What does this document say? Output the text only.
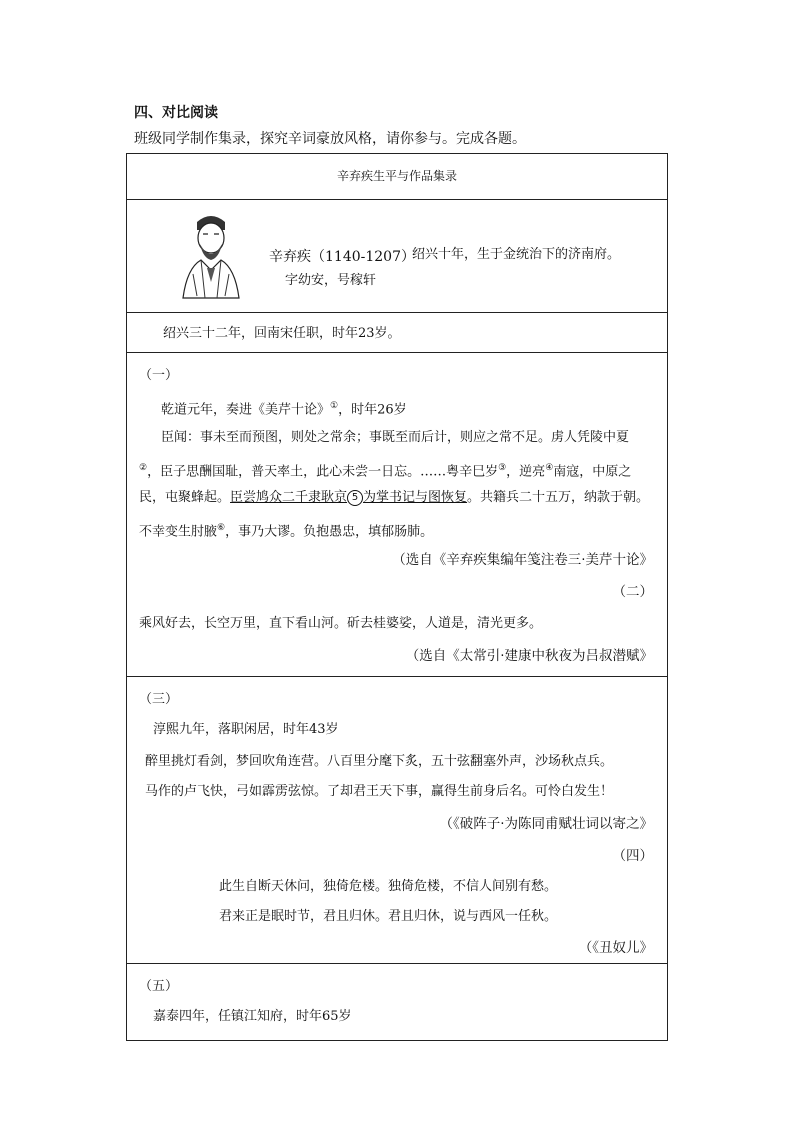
四、对比阅读
班级同学制作集录，探究辛词豪放风格，请你参与。完成各题。
辛弃疾生平与作品集录
辛弃疾（1140-1207）
字幼安，号稼轩
绍兴十年，生于金统治下的济南府。
绍兴三十二年，回南宋任职，时年23岁。
（一）
乾道元年，奏进《美芹十论》①，时年26岁
臣闻：事未至而预图，则处之常余；事既至而后计，则应之常不足。虏人凭陵中夏
②，臣子思酬国耻，普天率土，此心未尝一日忘。……粤辛巳岁③，逆亮④南寇，中原之
民，屯聚蜂起。臣尝鸠众二千隶耿京 5 为掌书记与图恢复。共籍兵二十五万，纳款于朝。
不幸变生肘腋⑥，事乃大谬。负抱愚忠，填郁肠肺。
（选自《辛弃疾集编年笺注卷三·美芹十论》
（二）
乘风好去，长空万里，直下看山河。斫去桂婆娑，人道是，清光更多。
（选自《太常引·建康中秋夜为吕叔潜赋》
（三）
淳熙九年，落职闲居，时年43岁
醉里挑灯看剑，梦回吹角连营。八百里分麾下炙，五十弦翻塞外声，沙场秋点兵。
马作的卢飞快，弓如霹雳弦惊。了却君王天下事，赢得生前身后名。可怜白发生！
（《破阵子·为陈同甫赋壮词以寄之》
（四）
此生自断天休问，独倚危楼。独倚危楼，不信人间别有愁。
君来正是眠时节，君且归休。君且归休，说与西风一任秋。
（《丑奴儿》
（五）
嘉泰四年，任镇江知府，时年65岁
